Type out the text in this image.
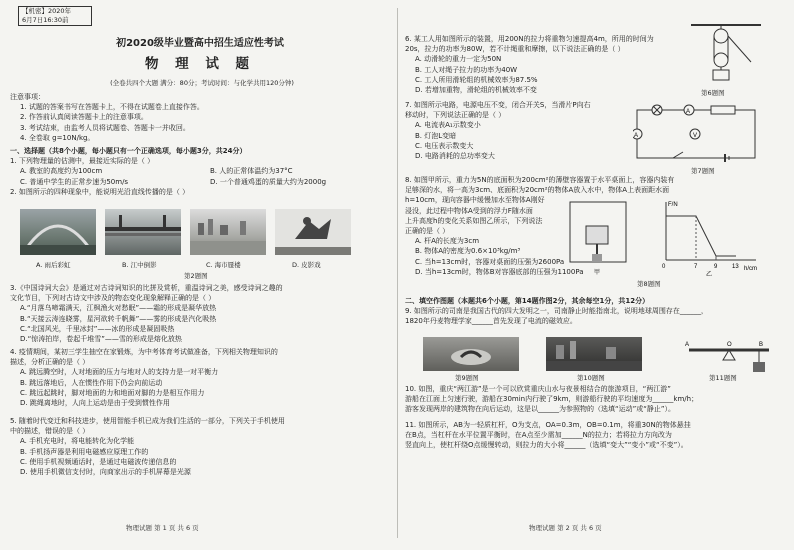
【机密】2020年
6月7日16:30前
初2020级毕业暨高中招生适应性考试
物 理 试 题
(全卷共四个大题 满分：80分；考试时间：与化学共用120分钟)
注意事项：
1. 试题的答案书写在答题卡上，不得在试题卷上直接作答。
2. 作答前认真阅读答题卡上的注意事项。
3. 考试结束，由监考人员将试题卷、答题卡一并收回。
4. 全卷取 g=10N/kg。
一、选择题（共8个小题，每小题只有一个正确选项，每小题3分，共24分）
1. 下列物理量的估测中，最接近实际的是（ ）
A. 教室的高度约为100cm	B. 人的正常体温约为37°C
C. 普通中学生的正常步速为50m/s	D. 一个普通鸡蛋的质量大约为2000g
2. 如图所示的四种现象中，能说明光沿直线传播的是（ ）
A. 雨后彩虹	B. 江中倒影	C. 海市蜃楼	D. 皮影戏
第2题图
3.《中国诗词大会》是通过对古诗词知识的比拼及赏析，重温诗词之美，感受诗词之趣的
文化节目，下列对古诗文中涉及的物态变化现象解释正确的是（ ）
A.“月落乌啼霜满天，江枫渔火对愁眠”——霜的形成是凝华放热
B.“天接云涛连晓雾，星河欲转千帆舞”——雾的形成是汽化吸热
C.“北国风光，千里冰封”——冰的形成是凝固吸热
D.“惊涛拍岸，卷起千堆雪”——雪的形成是熔化放热
4. 疫情期间，某初三学生抽空在家锻炼，为中考体育考试做准备，下列相关物理知识的
描述，分析正确的是（ ）
A. 跳远腾空时，人对地面的压力与地对人的支持力是一对平衡力
B. 跳远落地后，人在惯性作用下仍会向前运动
C. 跳远起跳时，脚对地面的力和地面对脚的力是相互作用力
D. 跳绳离地时，人向上运动是由于受到惯性作用
5. 随着时代变迁和科技进步，使用智能手机已成为我们生活的一部分，下列关于手机使用
中的描述，错误的是（ ）
A. 手机充电时，将电能转化为化学能
B. 手机扬声器是利用电磁感应原理工作的
C. 使用手机视频通话时，是通过电磁波传递信息的
D. 使用手机微信支付时，向商家出示的手机屏幕是光源
物理试题 第 1 页 共 6 页
6. 某工人用如图所示的装置，用200N的拉力将重物匀速提高4m，所用的时间为
20s，拉力的功率为80W，若不计绳重和摩擦，以下说法正确的是（ ）
A. 动滑轮的重力一定为50N
B. 工人对绳子拉力的功率为40W
C. 工人所用滑轮组的机械效率为87.5%
D. 若增加重物，滑轮组的机械效率不变	第6题图
7. 如图所示电路，电源电压不变，闭合开关S，当滑片P向右
移动时，下列说法正确的是（ ）
A. 电流表A₁示数变小
B. 灯泡L变暗
C. 电压表示数变大
D. 电路消耗的总功率变大
A
A	V
第7题图
8. 如图甲所示，重力为5N的底面积为200cm²的薄壁容器置于水平桌面上，容器内装有
足够深的水，将一高为3cm、底面积为20cm²的物体A放入水中，物体A上表面距水面
h=10cm，现向容器中缓慢加水至物体A刚好
浸没，此过程中物体A受到的浮力F随水面
上升高度h的变化关系如图乙所示，下列说法
正确的是（ ）
A. 杆A的长度为3cm
B. 物体A的密度为0.6×10³kg/m³
C. 当h=13cm时，容器对桌面的压强为2600Pa
D. 当h=13cm时，物体B对容器底部的压强为1100Pa	甲
F/N
h/cm
0	7	9 13
乙
第8题图
二、填空作图题（本题共6个小题，第14题作图2分，其余每空1分，共12分）
9. 如图所示的司南是我国古代的四大发明之一，司南静止时能指南北，说明地球周围存在______，
1820年丹麦物理学家______首先发现了电流的磁效应。
A	O	B
第9题图	第10题图	第11题图
10. 如图，重庆“两江游”是一个可以欣赏重庆山水与夜景相结合的旅游项目，“两江游”
游船在江面上匀速行驶，游船在30min内行驶了9km，则游船行驶的平均速度为______km/h；
游客发现两岸的建筑物在向后运动，这是以______为参照物的（选填“运动”或“静止”）。
11. 如图所示，AB为一轻质杠杆，O为支点，OA=0.3m，OB=0.1m，将重30N的物体悬挂
在B点，当杠杆在水平位置平衡时，在A点至少需加______N的拉力；若将拉力方向改为
竖直向上，使杠杆绕O点缓慢转动，则拉力的大小将______（选填“变大”“变小”或“不变”）。
物理试题 第 2 页 共 6 页
